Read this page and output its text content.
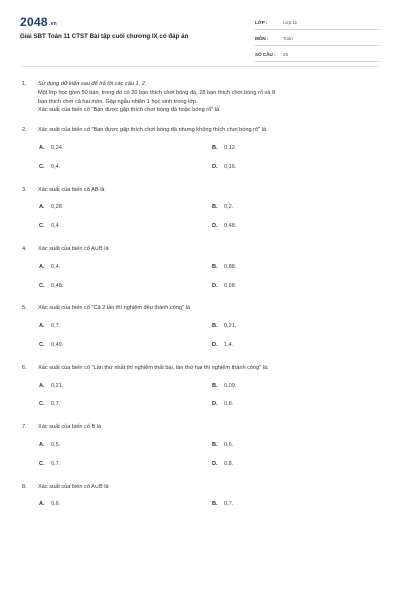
2048.vn
Giải SBT Toán 11 CTST Bài tập cuối chương IX có đáp án
LỚP :	Lớp 11
MÔN :	Toán
SỐ CÂU :	25
1. Sử dụng dữ kiện sau để trả lời các câu 1, 2.

Một lớp học gồm 50 bạn, trong đó có 20 bạn thích chơi bóng đá, 28 bạn thích chơi bóng rổ và 8

bạn thích chơi cả hai môn. Gặp ngẫu nhiên 1 học sinh trong lớp.

Xác suất của biến cố "Bạn được gặp thích chơi bóng đá hoặc bóng rổ" là

2. Xác suất của biến cố "Bạn được gặp thích chơi bóng đá nhưng không thích chơi bóng rổ" là.
A.	0,24.	B.	0,12.
C.	0,4.	D.	0,16.
3. Xác suất của biến cố AB là
A.	0,28.	B.	0,2.
C.	0,4.	D.	0,48.
4. Xác suất của biến cố A∪B là
A.	0,4.	B.	0,88.
C.	0,48.	D.	0,68.
5. Xác suất của biến cố "Cả 2 lần thí nghiệm đều thành công" là
A.	0,7.	B.	0,21.
C.	0,49.	D.	1,4.
6. Xác suất của biến cố "Lần thứ nhất thí nghiệm thất bại, lần thứ hai thí nghiệm thành công" là:
A.	0,21.	B.	0,09.
C.	0,7.	D.	0,8.
7. Xác suất của biến cố B là
A.	0,5.	B.	0,6.
C.	0,7.	D.	0,8.
8. Xác suất của biến cố A∪B là
A.	0,6.	B.	0,7.
